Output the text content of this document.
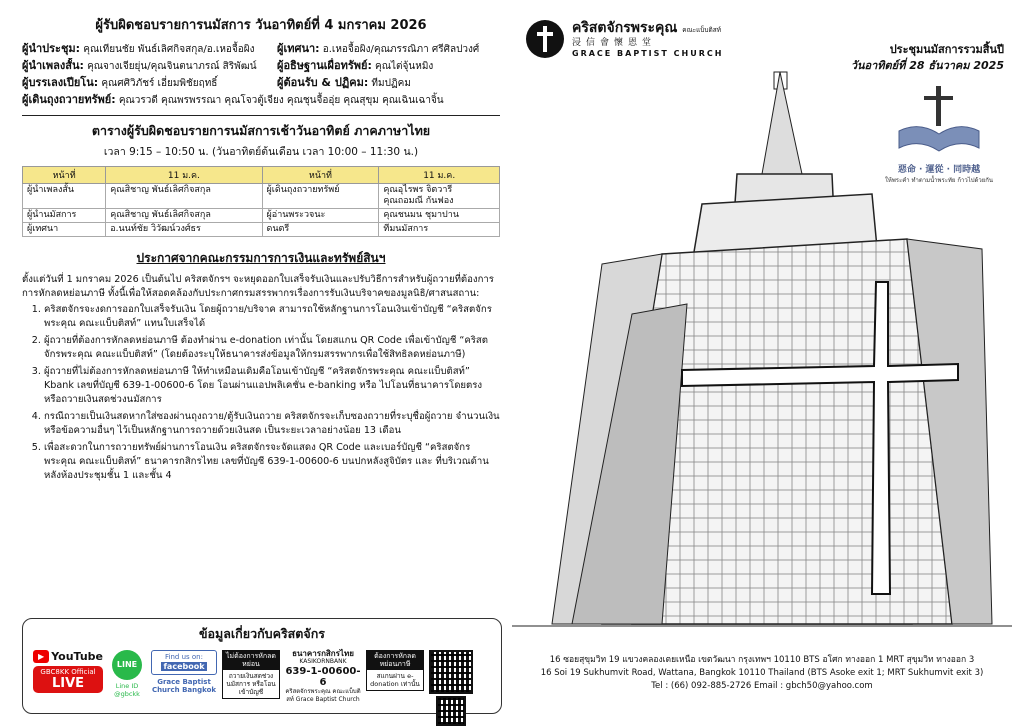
ผู้รับผิดชอบรายการนมัสการ วันอาทิตย์ที่ 4 มกราคม 2026
ผู้นำประชุม: คุณเทียนชัย พันธ์เลิศกิจสกุล/อ.เหอจื้อผิง	ผู้เทศนา: อ.เหอจื้อผิง/คุณภรรณิภา ศรีศิลปวงศ์
ผู้นำเพลงสั้น: คุณจางเจียยุ่น/คุณจินตนาภรณ์ สิริพัฒน์	ผู้อธิษฐานเผื่อทรัพย์: คุณไต่จุ้นหมิง
ผู้บรรเลงเปียโน: คุณศศิวิภัชร์ เอี่ยมพิชัยฤทธิ์	ผู้ต้อนรับ & ปฏิคม: ทีมปฏิคม
ผู้เดินถุงถวายทรัพย์: คุณวรวดี คุณพรพรรณา คุณโจวตู้เจียง คุณชุนจื้ออุ่ย คุณสุขุม คุณเฉินเฉาจิ้น
ตารางผู้รับผิดชอบรายการนมัสการเช้าวันอาทิตย์ ภาคภาษาไทย
เวลา 9:15 – 10:50 น. (วันอาทิตย์ต้นเดือน เวลา 10:00 – 11:30 น.)
หน้าที่	11 ม.ค.	หน้าที่	11 ม.ค.
ผู้นำเพลงสั้น	คุณสิชาญ พันธ์เลิศกิจสกุล	ผู้เดินถุงถวายทรัพย์	คุณอุไรพร จิตวารี
คุณถอมณี กันฟอง
ผู้นำนมัสการ	คุณสิชาญ พันธ์เลิศกิจสกุล	ผู้อ่านพระวจนะ	คุณชนมน ชุมาปาน
ผู้เทศนา	อ.นนท์ชัย วิวัฒน์วงศ์ธร	ดนตรี	ทีมนมัสการ
ประกาศจากคณะกรรมการการเงินและทรัพย์สินฯ

ตั้งแต่วันที่ 1 มกราคม 2026 เป็นต้นไป คริสตจักรฯ จะหยุดออกใบเสร็จรับเงินและปรับวิธีการสำหรับผู้ถวายที่ต้องการการหักลดหย่อนภาษี ทั้งนี้เพื่อให้สอดคล้องกับประกาศกรมสรรพากรเรื่องการรับเงินบริจาคของมูลนิธิ/ศาสนสถาน:

1. คริสตจักรจะงดการออกใบเสร็จรับเงิน โดยผู้ถวาย/บริจาค สามารถใช้หลักฐานการโอนเงินเข้าบัญชี “คริสตจักรพระคุณ คณะแบ็บติสท์” แทนใบเสร็จได้
2. ผู้ถวายที่ต้องการหักลดหย่อนภาษี ต้องทำผ่าน e-donation เท่านั้น โดยสแกน QR Code เพื่อเข้าบัญชี “คริสตจักรพระคุณ คณะแบ็บติสท์” (โดยต้องระบุให้ธนาคารส่งข้อมูลให้กรมสรรพากรเพื่อใช้สิทธิลดหย่อนภาษี)
3. ผู้ถวายที่ไม่ต้องการหักลดหย่อนภาษี ให้ทำเหมือนเดิมคือโอนเข้าบัญชี “คริสตจักรพระคุณ คณะแบ็บติสท์” Kbank เลขที่บัญชี 639-1-00600-6 โดย โอนผ่านแอปพลิเคชั่น e-banking หรือ ไปโอนที่ธนาคารโดยตรง หรือถวายเงินสดช่วงนมัสการ
4. กรณีถวายเป็นเงินสดหากใส่ซองผ่านถุงถวาย/ตู้รับเงินถวาย คริสตจักรจะเก็บซองถวายที่ระบุชื่อผู้ถวาย จำนวนเงินหรือข้อความอื่นๆ ไว้เป็นหลักฐานการถวายด้วยเงินสด เป็นระยะเวลาอย่างน้อย 13 เดือน
5. เพื่อสะดวกในการถวายทรัพย์ผ่านการโอนเงิน คริสตจักรจะจัดแสดง QR Code และเบอร์บัญชี “คริสตจักรพระคุณ คณะแบ็บติสท์” ธนาคารกสิกรไทย เลขที่บัญชี 639-1-00600-6 บนปกหลังสูจิบัตร และ ที่บริเวณด้านหลังห้องประชุมชั้น 1 และชั้น 4
ข้อมูลเกี่ยวกับคริสตจักร
▶ YouTube
GBC8KK Official
LIVE
LINE
Line ID @gbckk
Find us on:
facebook
Grace Baptist Church Bangkok
ไม่ต้องการหักลดหย่อน
ถวายเงินสดช่วงนมัสการ หรือโอนเข้าบัญชี
ธนาคารกสิกรไทย
KASIKORNBANK
639-1-00600-6
คริสตจักรพระคุณ คณะแบ็บติสท์ Grace Baptist Church
ต้องการหักลดหย่อนภาษี
สแกนผ่าน e-donation เท่านั้น
คริสตจักรพระคุณ คณะแบ็บติสท์
浸信會懷恩堂
GRACE BAPTIST CHURCH	ประชุมนมัสการรวมสิ้นปี
วันอาทิตย์ที่ 28 ธันวาคม 2025
惡命 · 運從 · 同時越
ให้พระคำ ทำตามน้ำพระทัย ก้าวไปด้วยกัน
16 ซอยสุขุมวิท 19 แขวงคลองเตยเหนือ เขตวัฒนา กรุงเทพฯ 10110 BTS อโศก ทางออก 1 MRT สุขุมวิท ทางออก 3
16 Soi 19 Sukhumvit Road, Wattana, Bangkok 10110 Thailand (BTS Asoke exit 1; MRT Sukhumvit exit 3)
Tel : (66) 092-885-2726 Email : gbch50@yahoo.com
